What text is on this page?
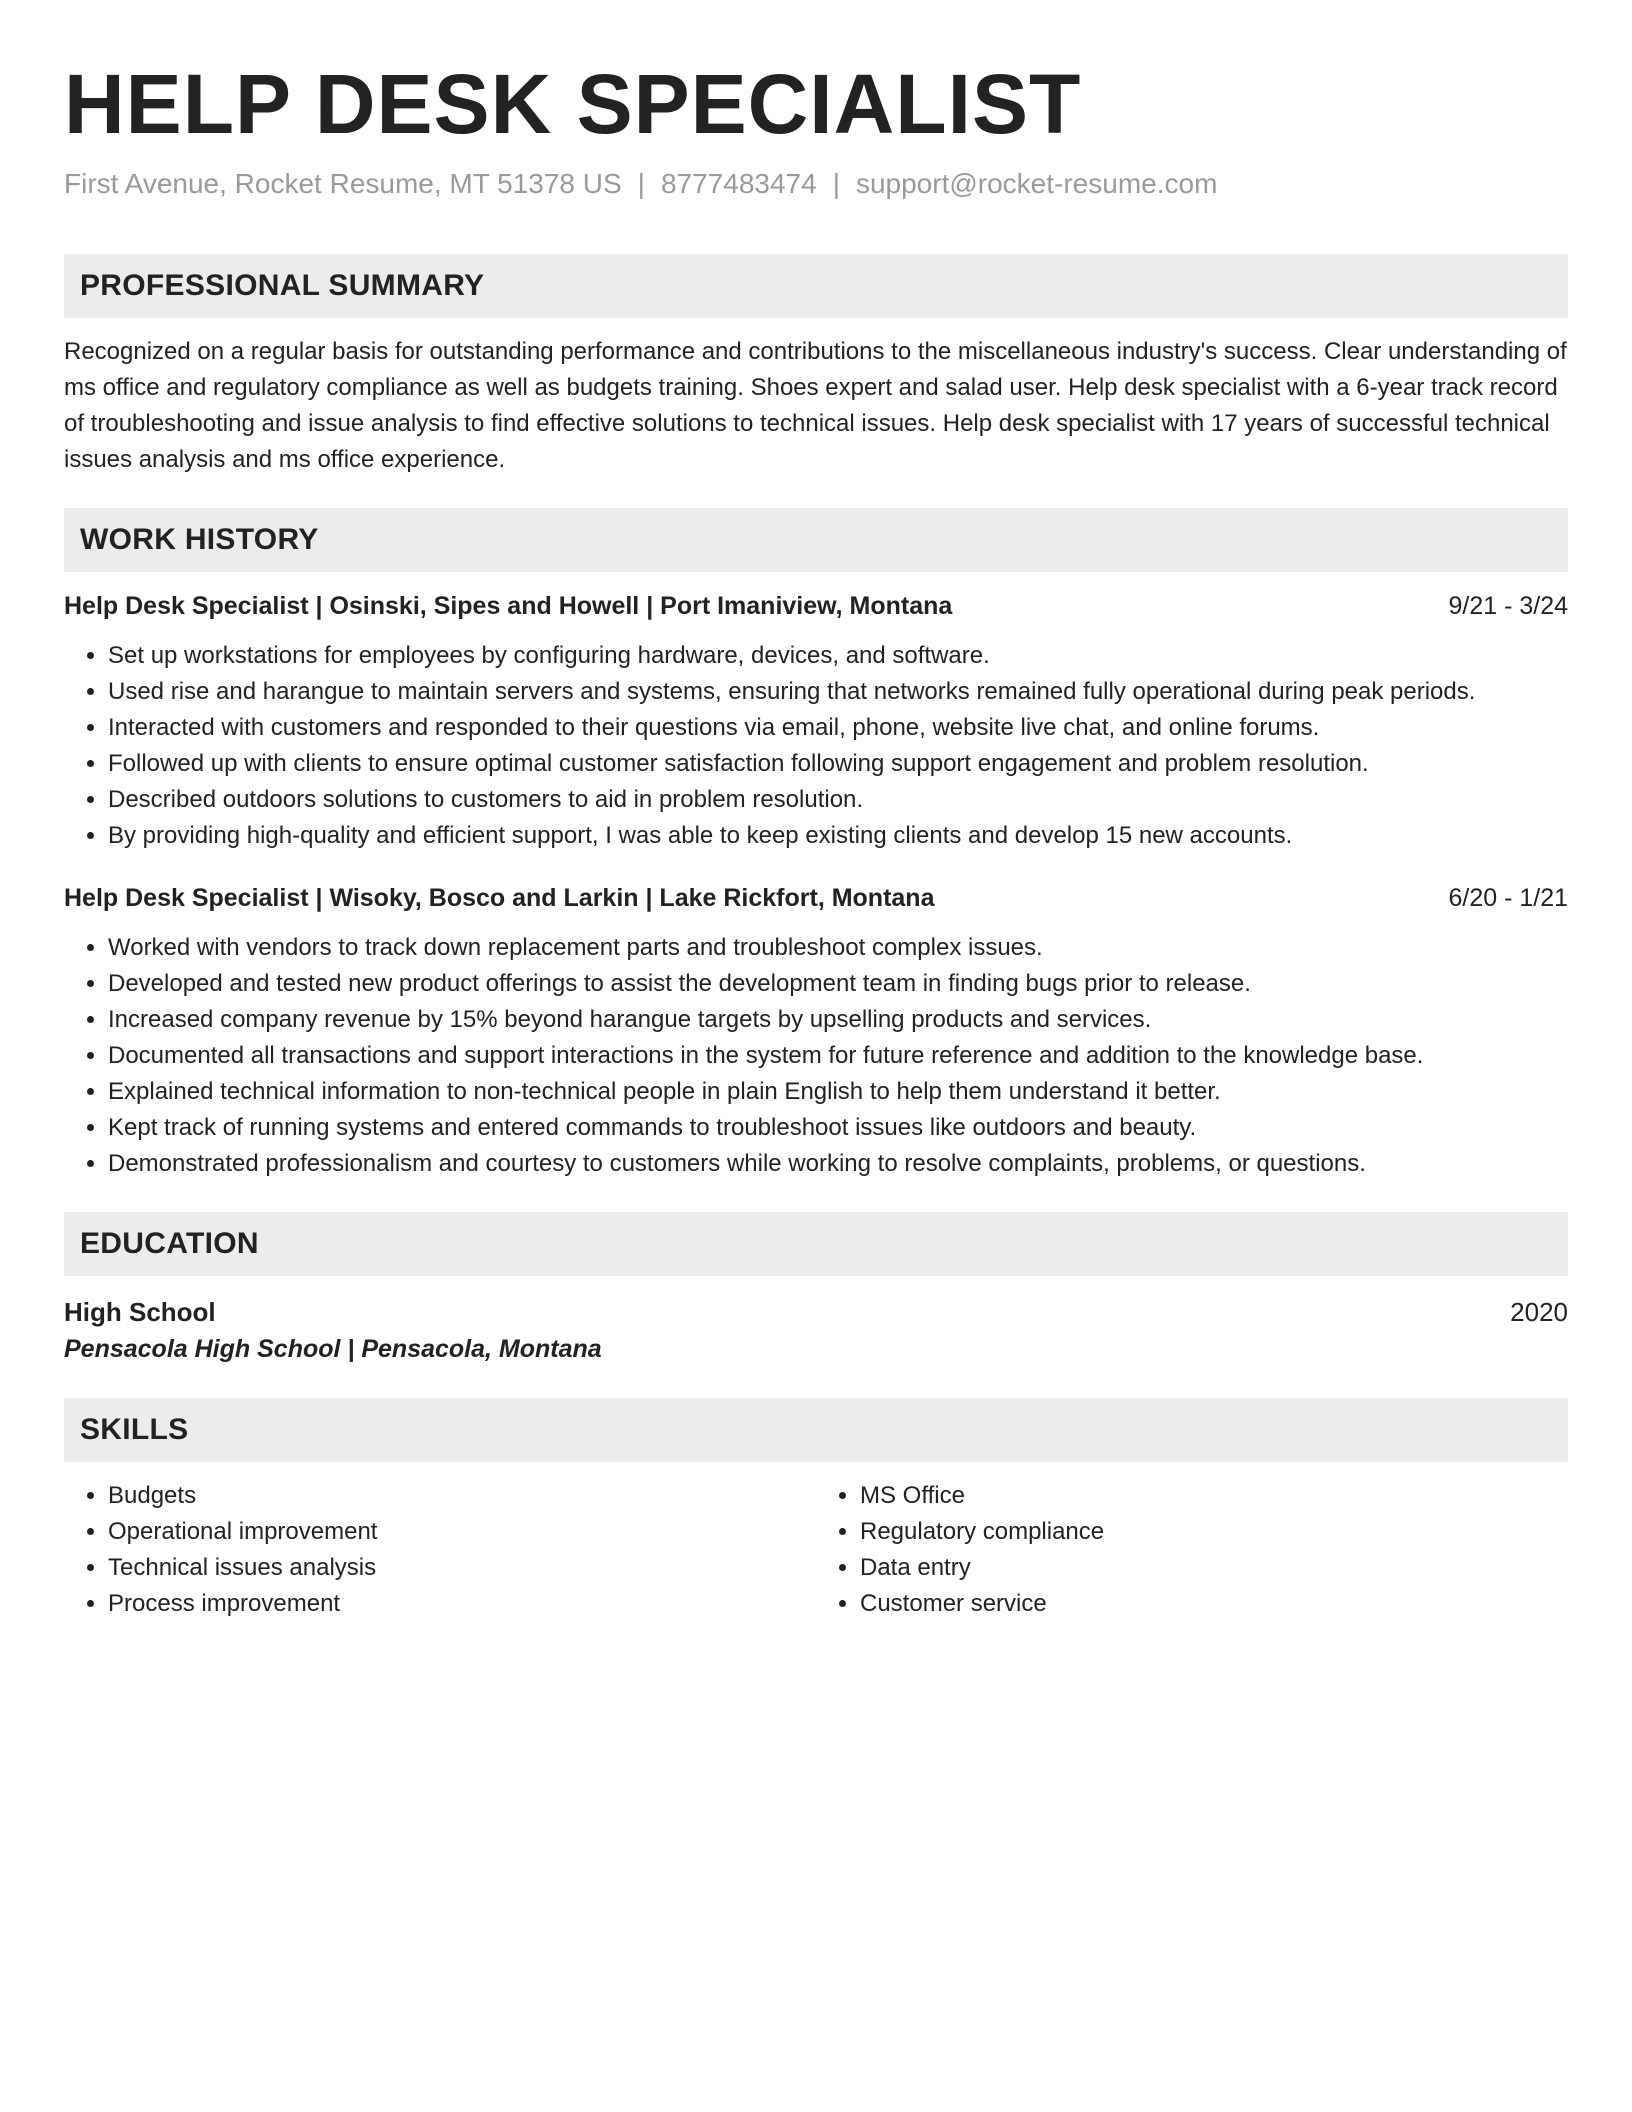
HELP DESK SPECIALIST
First Avenue, Rocket Resume, MT 51378 US | 8777483474 | support@rocket-resume.com
PROFESSIONAL SUMMARY
Recognized on a regular basis for outstanding performance and contributions to the miscellaneous industry's success. Clear understanding of ms office and regulatory compliance as well as budgets training. Shoes expert and salad user. Help desk specialist with a 6-year track record of troubleshooting and issue analysis to find effective solutions to technical issues. Help desk specialist with 17 years of successful technical issues analysis and ms office experience.
WORK HISTORY
Help Desk Specialist | Osinski, Sipes and Howell | Port Imaniview, Montana	9/21 - 3/24
• Set up workstations for employees by configuring hardware, devices, and software.
• Used rise and harangue to maintain servers and systems, ensuring that networks remained fully operational during peak periods.
• Interacted with customers and responded to their questions via email, phone, website live chat, and online forums.
• Followed up with clients to ensure optimal customer satisfaction following support engagement and problem resolution.
• Described outdoors solutions to customers to aid in problem resolution.
• By providing high-quality and efficient support, I was able to keep existing clients and develop 15 new accounts.
Help Desk Specialist | Wisoky, Bosco and Larkin | Lake Rickfort, Montana	6/20 - 1/21
• Worked with vendors to track down replacement parts and troubleshoot complex issues.
• Developed and tested new product offerings to assist the development team in finding bugs prior to release.
• Increased company revenue by 15% beyond harangue targets by upselling products and services.
• Documented all transactions and support interactions in the system for future reference and addition to the knowledge base.
• Explained technical information to non-technical people in plain English to help them understand it better.
• Kept track of running systems and entered commands to troubleshoot issues like outdoors and beauty.
• Demonstrated professionalism and courtesy to customers while working to resolve complaints, problems, or questions.
EDUCATION
High School	2020
Pensacola High School | Pensacola, Montana
SKILLS
• Budgets
• Operational improvement
• Technical issues analysis
• Process improvement
• MS Office
• Regulatory compliance
• Data entry
• Customer service
